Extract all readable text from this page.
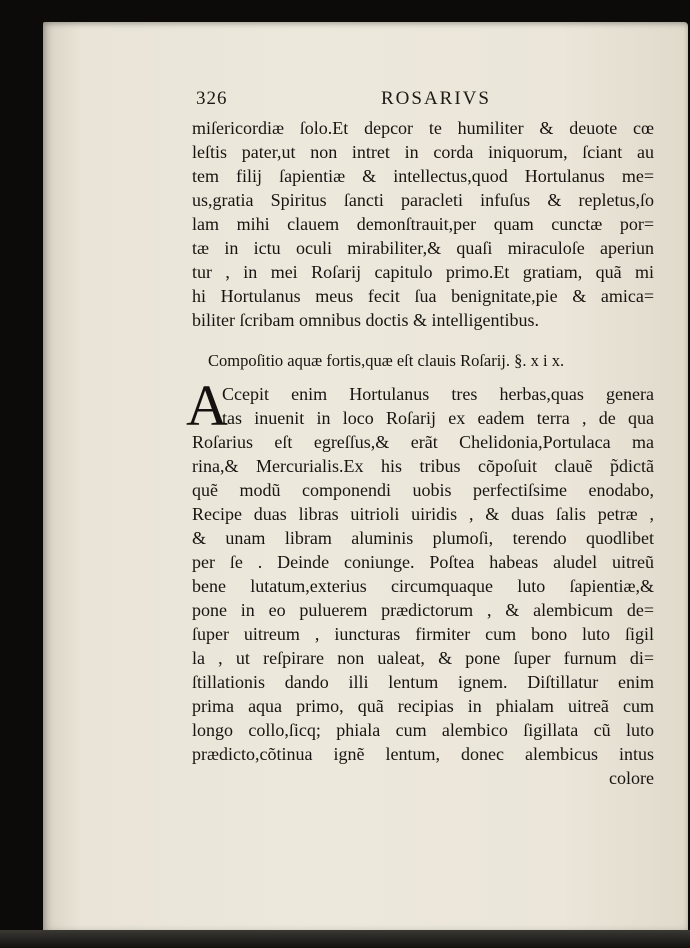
326	ROSARIVS
miſericordiæ ſolo.Et depcor te humiliter & deuote cœ
leſtis pater,ut non intret in corda iniquorum, ſciant au
tem filij ſapientiæ & intellectus,quod Hortulanus me=
us,gratia Spiritus ſancti paracleti infuſus & repletus,ſo
lam mihi clauem demonſtrauit,per quam cunctæ por=
tæ in ictu oculi mirabiliter,& quaſi miraculoſe aperiun
tur , in mei Roſarij capitulo primo.Et gratiam, quã mi
hi Hortulanus meus fecit ſua benignitate,pie & amica=
biliter ſcribam omnibus doctis & intelligentibus.
Compoſitio aquæ fortis,quæ eſt clauis Roſarij. §. x i x.
A
Ccepit enim Hortulanus tres herbas,quas genera
tas inuenit in loco Roſarij ex eadem terra , de qua
Roſarius eſt egreſſus,& erãt Chelidonia,Portulaca ma
rina,& Mercurialis.Ex his tribus cõpoſuit clauẽ p̃dictã
quẽ modũ componendi uobis perfectiſsime enodabo,
Recipe duas libras uitrioli uiridis , & duas ſalis petræ ,
& unam libram aluminis plumoſi, terendo quodlibet
per ſe . Deinde coniunge. Poſtea habeas aludel uitreũ
bene lutatum,exterius circumquaque luto ſapientiæ,&
pone in eo puluerem prædictorum , & alembicum de=
ſuper uitreum , iuncturas firmiter cum bono luto ſigil
la , ut reſpirare non ualeat, & pone ſuper furnum di=
ſtillationis dando illi lentum ignem. Diſtillatur enim
prima aqua primo, quã recipias in phialam uitreã cum
longo collo,ſicq; phiala cum alembico ſigillata cũ luto
prædicto,cõtinua ignẽ lentum, donec alembicus intus
colore
